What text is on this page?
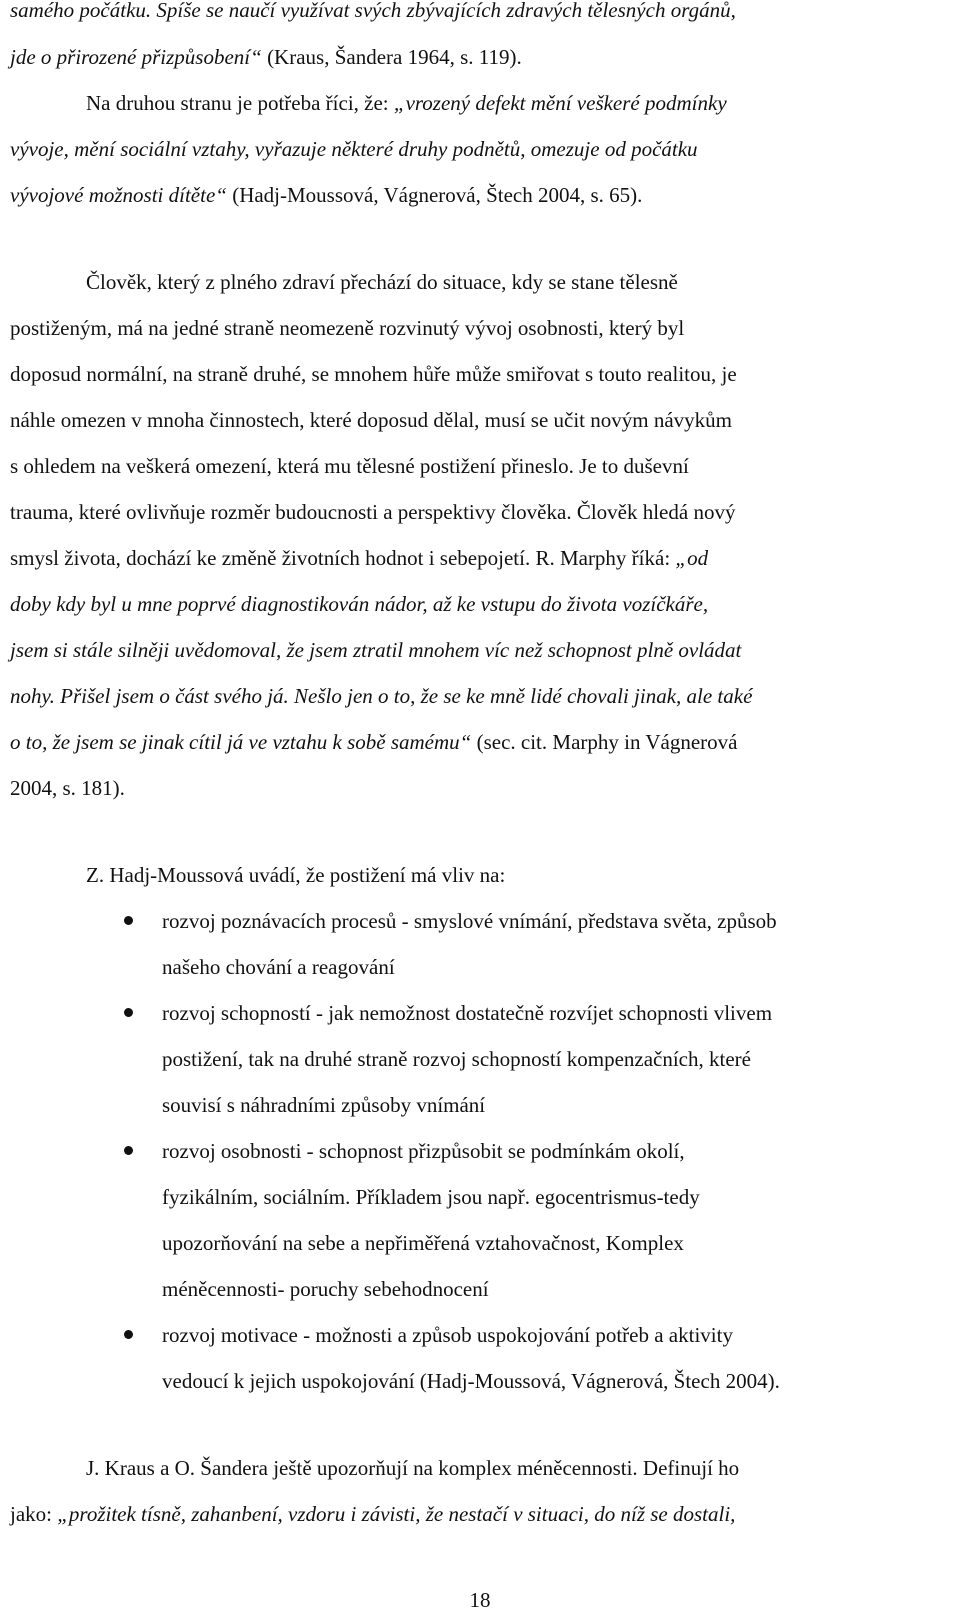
samého počátku. Spíše se naučí využívat svých zbývajících zdravých tělesných orgánů,
jde o přirozené přizpůsobení“ (Kraus, Šandera 1964, s. 119).
Na druhou stranu je potřeba říci, že: „vrozený defekt mění veškeré podmínky
vývoje, mění sociální vztahy, vyřazuje některé druhy podnětů, omezuje od počátku
vývojové možnosti dítěte“ (Hadj-Moussová, Vágnerová, Štech 2004, s. 65).
Člověk, který z plného zdraví přechází do situace, kdy se stane tělesně
postiženým, má na jedné straně neomezeně rozvinutý vývoj osobnosti, který byl
doposud normální, na straně druhé, se mnohem hůře může smiřovat s touto realitou, je
náhle omezen v mnoha činnostech, které doposud dělal, musí se učit novým návykům
s ohledem na veškerá omezení, která mu tělesné postižení přineslo. Je to duševní
trauma, které ovlivňuje rozměr budoucnosti a perspektivy člověka. Člověk hledá nový
smysl života, dochází ke změně životních hodnot i sebepojetí. R. Marphy říká: „od
doby kdy byl u mne poprvé diagnostikován nádor, až ke vstupu do života vozíčkáře,
jsem si stále silněji uvědomoval, že jsem ztratil mnohem víc než schopnost plně ovládat
nohy. Přišel jsem o část svého já. Nešlo jen o to, že se ke mně lidé chovali jinak, ale také
o to, že jsem se jinak cítil já ve vztahu k sobě samému“ (sec. cit. Marphy in Vágnerová
2004, s. 181).
Z. Hadj-Moussová uvádí, že postižení má vliv na:
rozvoj poznávacích procesů - smyslové vnímání, představa světa, způsob
našeho chování a reagování
rozvoj schopností - jak nemožnost dostatečně rozvíjet schopnosti vlivem
postižení, tak na druhé straně rozvoj schopností kompenzačních, které
souvisí s náhradními způsoby vnímání
rozvoj osobnosti - schopnost přizpůsobit se podmínkám okolí,
fyzikálním, sociálním. Příkladem jsou např. egocentrismus-tedy
upozorňování na sebe a nepřiměřená vztahovačnost, Komplex
méněcennosti- poruchy sebehodnocení
rozvoj motivace - možnosti a způsob uspokojování potřeb a aktivity
vedoucí k jejich uspokojování (Hadj-Moussová, Vágnerová, Štech 2004).
J. Kraus a O. Šandera ještě upozorňují na komplex méněcennosti. Definují ho
jako: „prožitek tísně, zahanbení, vzdoru i závisti, že nestačí v situaci, do níž se dostali,
18
